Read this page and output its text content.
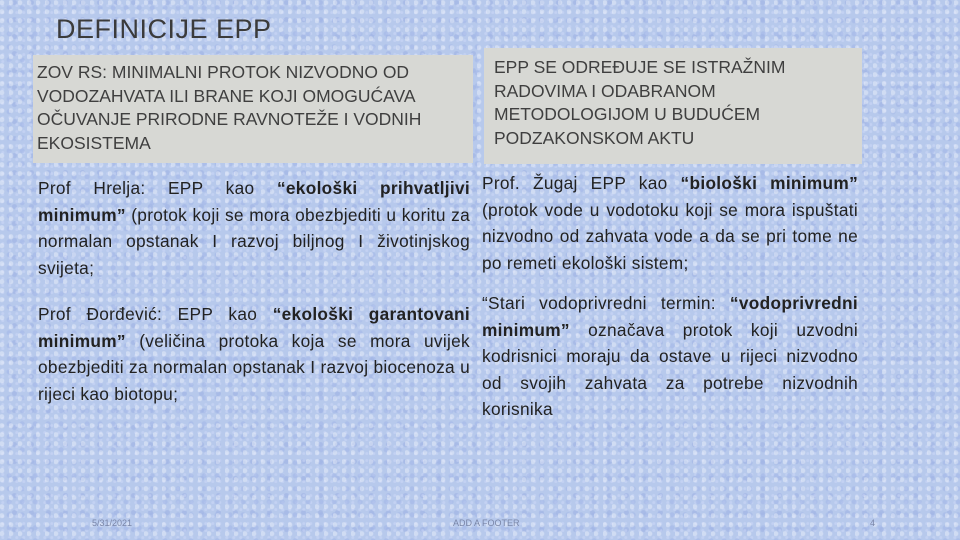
DEFINICIJE EPP
ZOV RS: MINIMALNI PROTOK NIZVODNO OD VODOZAHVATA ILI BRANE KOJI OMOGUĆAVA OČUVANJE PRIRODNE RAVNOTEŽE I VODNIH EKOSISTEMA
EPP SE ODREĐUJE SE ISTRAŽNIM RADOVIMA I ODABRANOM METODOLOGIJOM U BUDUĆEM PODZAKONSKOM AKTU

Prof Hrelja: EPP kao “ekološki prihvatljivi minimum” (protok koji se mora obezbjediti u koritu za normalan opstanak I razvoj biljnog I životinjskog svijeta;

Prof Đorđević: EPP kao “ekološki garantovani minimum” (veličina protoka koja se mora uvijek obezbjediti za normalan opstanak I razvoj biocenoza u rijeci kao biotopu;

Prof. Žugaj EPP kao “biološki minimum” (protok vode u vodotoku koji se mora ispuštati nizvodno od zahvata vode a da se pri tome ne po remeti ekološki sistem;

“Stari vodoprivredni termin: “vodoprivredni minimum” označava protok koji uzvodni kodrisnici moraju da ostave u rijeci nizvodno od svojih zahvata za potrebe nizvodnih korisnika

5/31/2021	ADD A FOOTER	4
